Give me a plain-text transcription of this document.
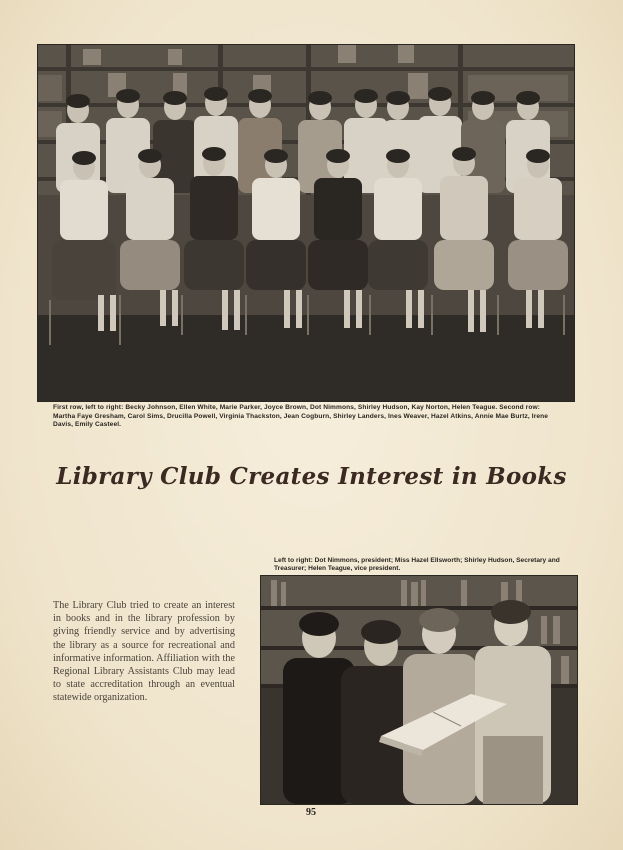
First row, left to right: Becky Johnson, Ellen White, Marie Parker, Joyce Brown, Dot Nimmons, Shirley Hudson, Kay Norton, Helen Teague. Second row: Martha Faye Gresham, Carol Sims, Drucilla Powell, Virginia Thackston, Jean Cogburn, Shirley Landers, Ines Weaver, Hazel Atkins, Annie Mae Burtz, Irene Davis, Emily Casteel.
Library Club Creates Interest in Books
Left to right: Dot Nimmons, president; Miss Hazel Ellsworth; Shirley Hudson, Secretary and Treasurer; Helen Teague, vice president.
The Library Club tried to create an interest in books and in the library profession by giving friendly service and by advertising the library as a source for recreational and informative information. Affiliation with the Regional Library Assistants Club may lead to state accreditation through an eventual statewide organization.
95
